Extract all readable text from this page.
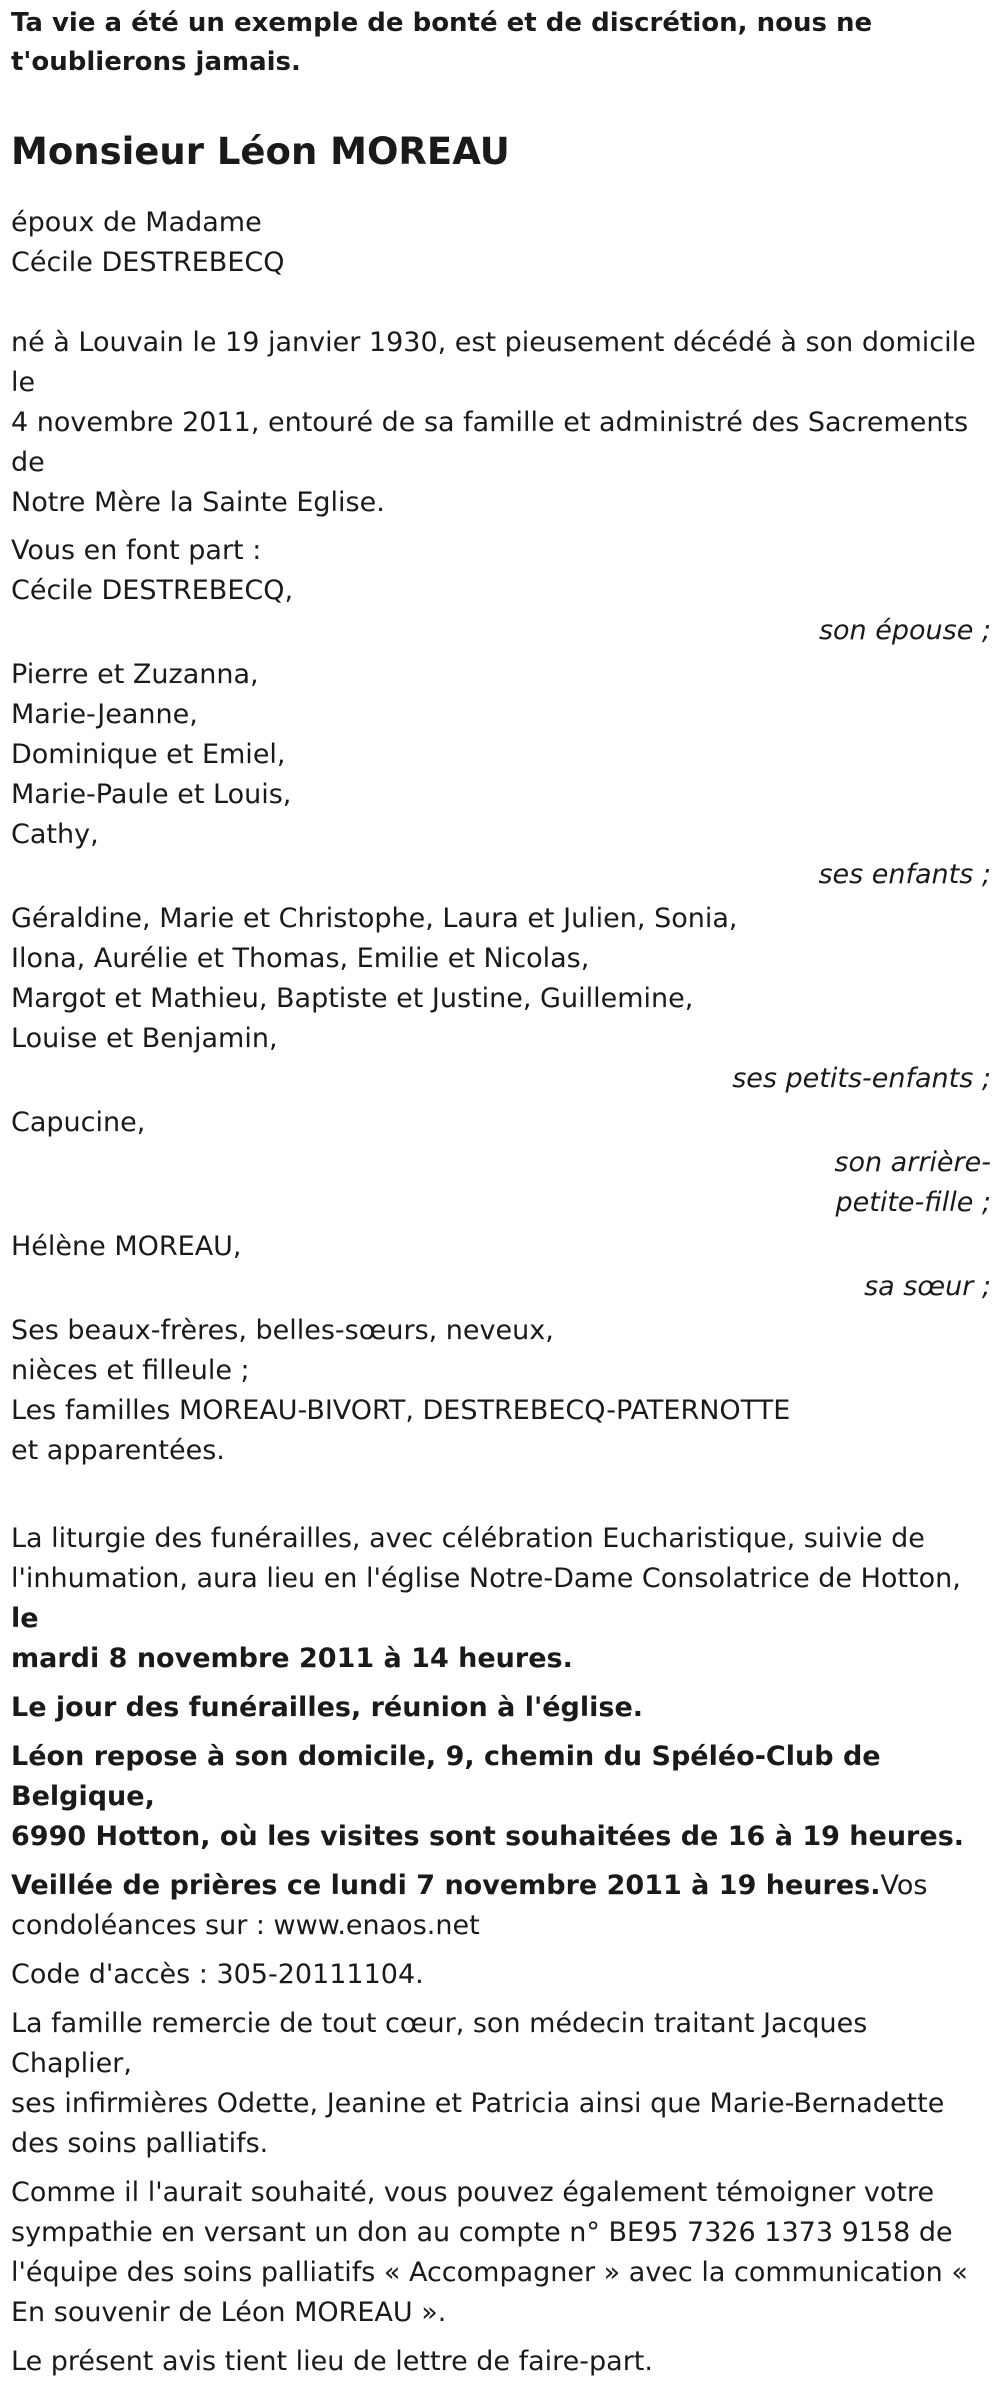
Ta vie a été un exemple de bonté et de discrétion, nous ne
t'oublierons jamais.
Monsieur Léon MOREAU
époux de Madame
Cécile DESTREBECQ
né à Louvain le 19 janvier 1930, est pieusement décédé à son domicile le
4 novembre 2011, entouré de sa famille et administré des Sacrements de
Notre Mère la Sainte Eglise.
Vous en font part :
Cécile DESTREBECQ,
son épouse ;
Pierre et Zuzanna,
Marie-Jeanne,
Dominique et Emiel,
Marie-Paule et Louis,
Cathy,
ses enfants ;
Géraldine, Marie et Christophe, Laura et Julien, Sonia,
Ilona, Aurélie et Thomas, Emilie et Nicolas,
Margot et Mathieu, Baptiste et Justine, Guillemine,
Louise et Benjamin,
ses petits-enfants ;
Capucine,
son arrière-
petite-fille ;
Hélène MOREAU,
sa sœur ;
Ses beaux-frères, belles-sœurs, neveux,
nièces et filleule ;
Les familles MOREAU-BIVORT, DESTREBECQ-PATERNOTTE
et apparentées.
La liturgie des funérailles, avec célébration Eucharistique, suivie de
l'inhumation, aura lieu en l'église Notre-Dame Consolatrice de Hotton, le
mardi 8 novembre 2011 à 14 heures.
Le jour des funérailles, réunion à l'église.
Léon repose à son domicile, 9, chemin du Spéléo-Club de Belgique,
6990 Hotton, où les visites sont souhaitées de 16 à 19 heures.
Veillée de prières ce lundi 7 novembre 2011 à 19 heures.Vos
condoléances sur : www.enaos.net
Code d'accès : 305-20111104.
La famille remercie de tout cœur, son médecin traitant Jacques Chaplier,
ses infirmières Odette, Jeanine et Patricia ainsi que Marie-Bernadette
des soins palliatifs.
Comme il l'aurait souhaité, vous pouvez également témoigner votre
sympathie en versant un don au compte n° BE95 7326 1373 9158 de
l'équipe des soins palliatifs « Accompagner » avec la communication «
En souvenir de Léon MOREAU ».
Le présent avis tient lieu de lettre de faire-part.
